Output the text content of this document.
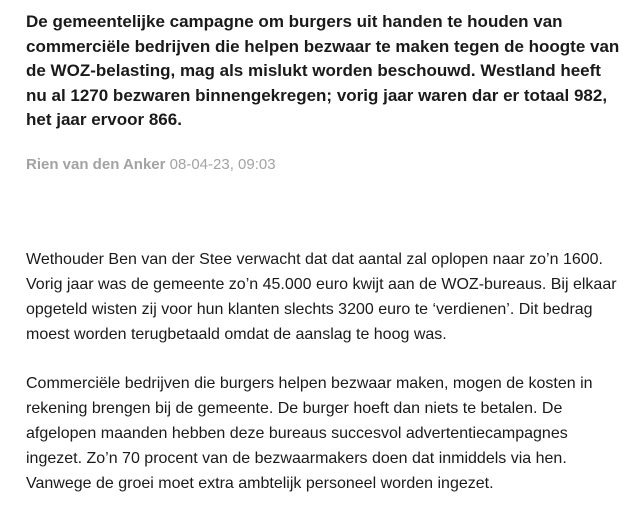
De gemeentelijke campagne om burgers uit handen te houden van commerciële bedrijven die helpen bezwaar te maken tegen de hoogte van de WOZ-belasting, mag als mislukt worden beschouwd. Westland heeft nu al 1270 bezwaren binnengekregen; vorig jaar waren dar er totaal 982, het jaar ervoor 866.

Rien van den Anker 08-04-23, 09:03

Wethouder Ben van der Stee verwacht dat dat aantal zal oplopen naar zo’n 1600. Vorig jaar was de gemeente zo’n 45.000 euro kwijt aan de WOZ-bureaus. Bij elkaar opgeteld wisten zij voor hun klanten slechts 3200 euro te ‘verdienen’. Dit bedrag moest worden terugbetaald omdat de aanslag te hoog was.

Commerciële bedrijven die burgers helpen bezwaar maken, mogen de kosten in rekening brengen bij de gemeente. De burger hoeft dan niets te betalen. De afgelopen maanden hebben deze bureaus succesvol advertentiecampagnes ingezet. Zo’n 70 procent van de bezwaarmakers doen dat inmiddels via hen. Vanwege de groei moet extra ambtelijk personeel worden ingezet.
